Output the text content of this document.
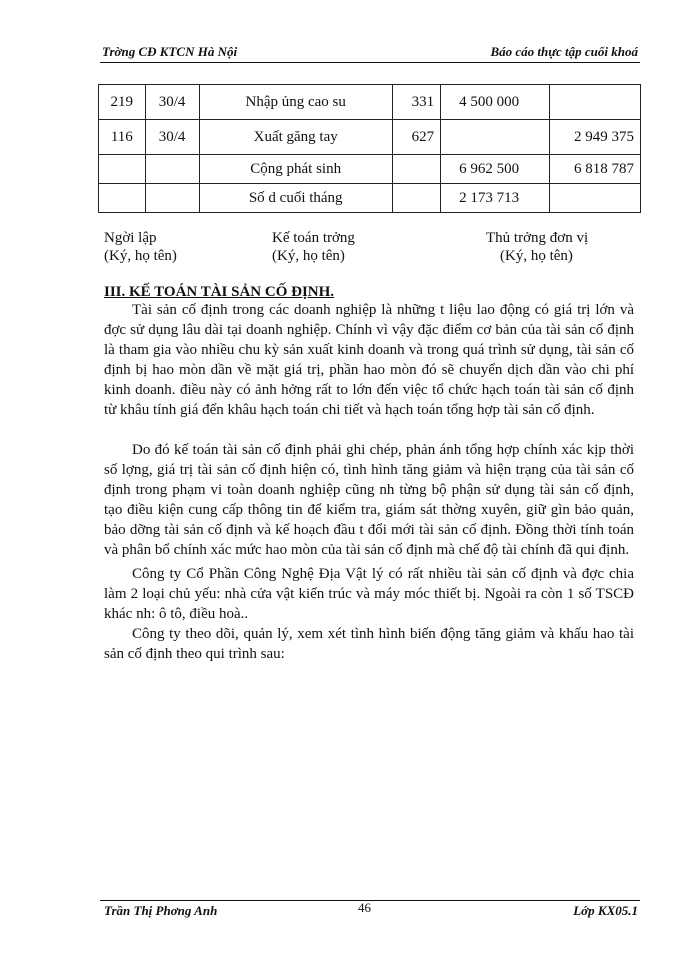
Trờng CĐ KTCN Hà Nội	Báo cáo thực tập cuối khoá
219	30/4	Nhập ủng cao su	331	4 500 000	
116	30/4	Xuất găng tay	627		2 949 375
		Cộng phát sinh		6 962 500	6 818 787
		Số d cuối tháng		2 173 713	
Ngời lập
(Ký, họ tên)
Kế toán trởng
(Ký, họ tên)
Thủ trởng đơn vị
(Ký, họ tên)
III. KẾ TOÁN TÀI SẢN CỐ ĐỊNH.

Tài sản cố định trong các doanh nghiệp là những t liệu lao động có giá trị lớn và đợc sử dụng lâu dài tại doanh nghiệp. Chính vì vậy đặc điểm cơ bản của tài sản cố định là tham gia vào nhiều chu kỳ sản xuất kinh doanh và trong quá trình sử dụng, tài sản cố định bị hao mòn dần về mặt giá trị, phần hao mòn đó sẽ chuyển dịch dần vào chi phí kinh doanh. điều này có ảnh hởng rất to lớn đến việc tổ chức hạch toán tài sản cố định từ khâu tính giá đến khâu hạch toán chi tiết và hạch toán tổng hợp tài sản cố định.

Do đó kế toán tài sản cố định phải ghi chép, phản ánh tổng hợp chính xác kịp thời số lợng, giá trị tài sản cố định hiện có, tình hình tăng giảm và hiện trạng của tài sản cố định trong phạm vi toàn doanh nghiệp cũng nh từng bộ phận sử dụng tài sản cố định, tạo điều kiện cung cấp thông tin để kiểm tra, giám sát thờng xuyên, giữ gìn bảo quản, bảo dỡng tài sản cố định và kế hoạch đầu t đổi mới tài sản cố định. Đồng thời tính toán và phân bổ chính xác mức hao mòn của tài sản cố định mà chế độ tài chính đã qui định.

Công ty Cổ Phần Công Nghệ Địa Vật lý có rất nhiều tài sản cố định và đợc chia làm 2 loại chủ yếu: nhà cửa vật kiến trúc và máy móc thiết bị. Ngoài ra còn 1 số TSCĐ khác nh: ô tô, điều hoà..

Công ty theo dõi, quản lý, xem xét tình hình biến động tăng giảm và khấu hao tài sản cố định theo qui trình sau:

Trần Thị Phơng Anh	46	Lớp KX05.1
